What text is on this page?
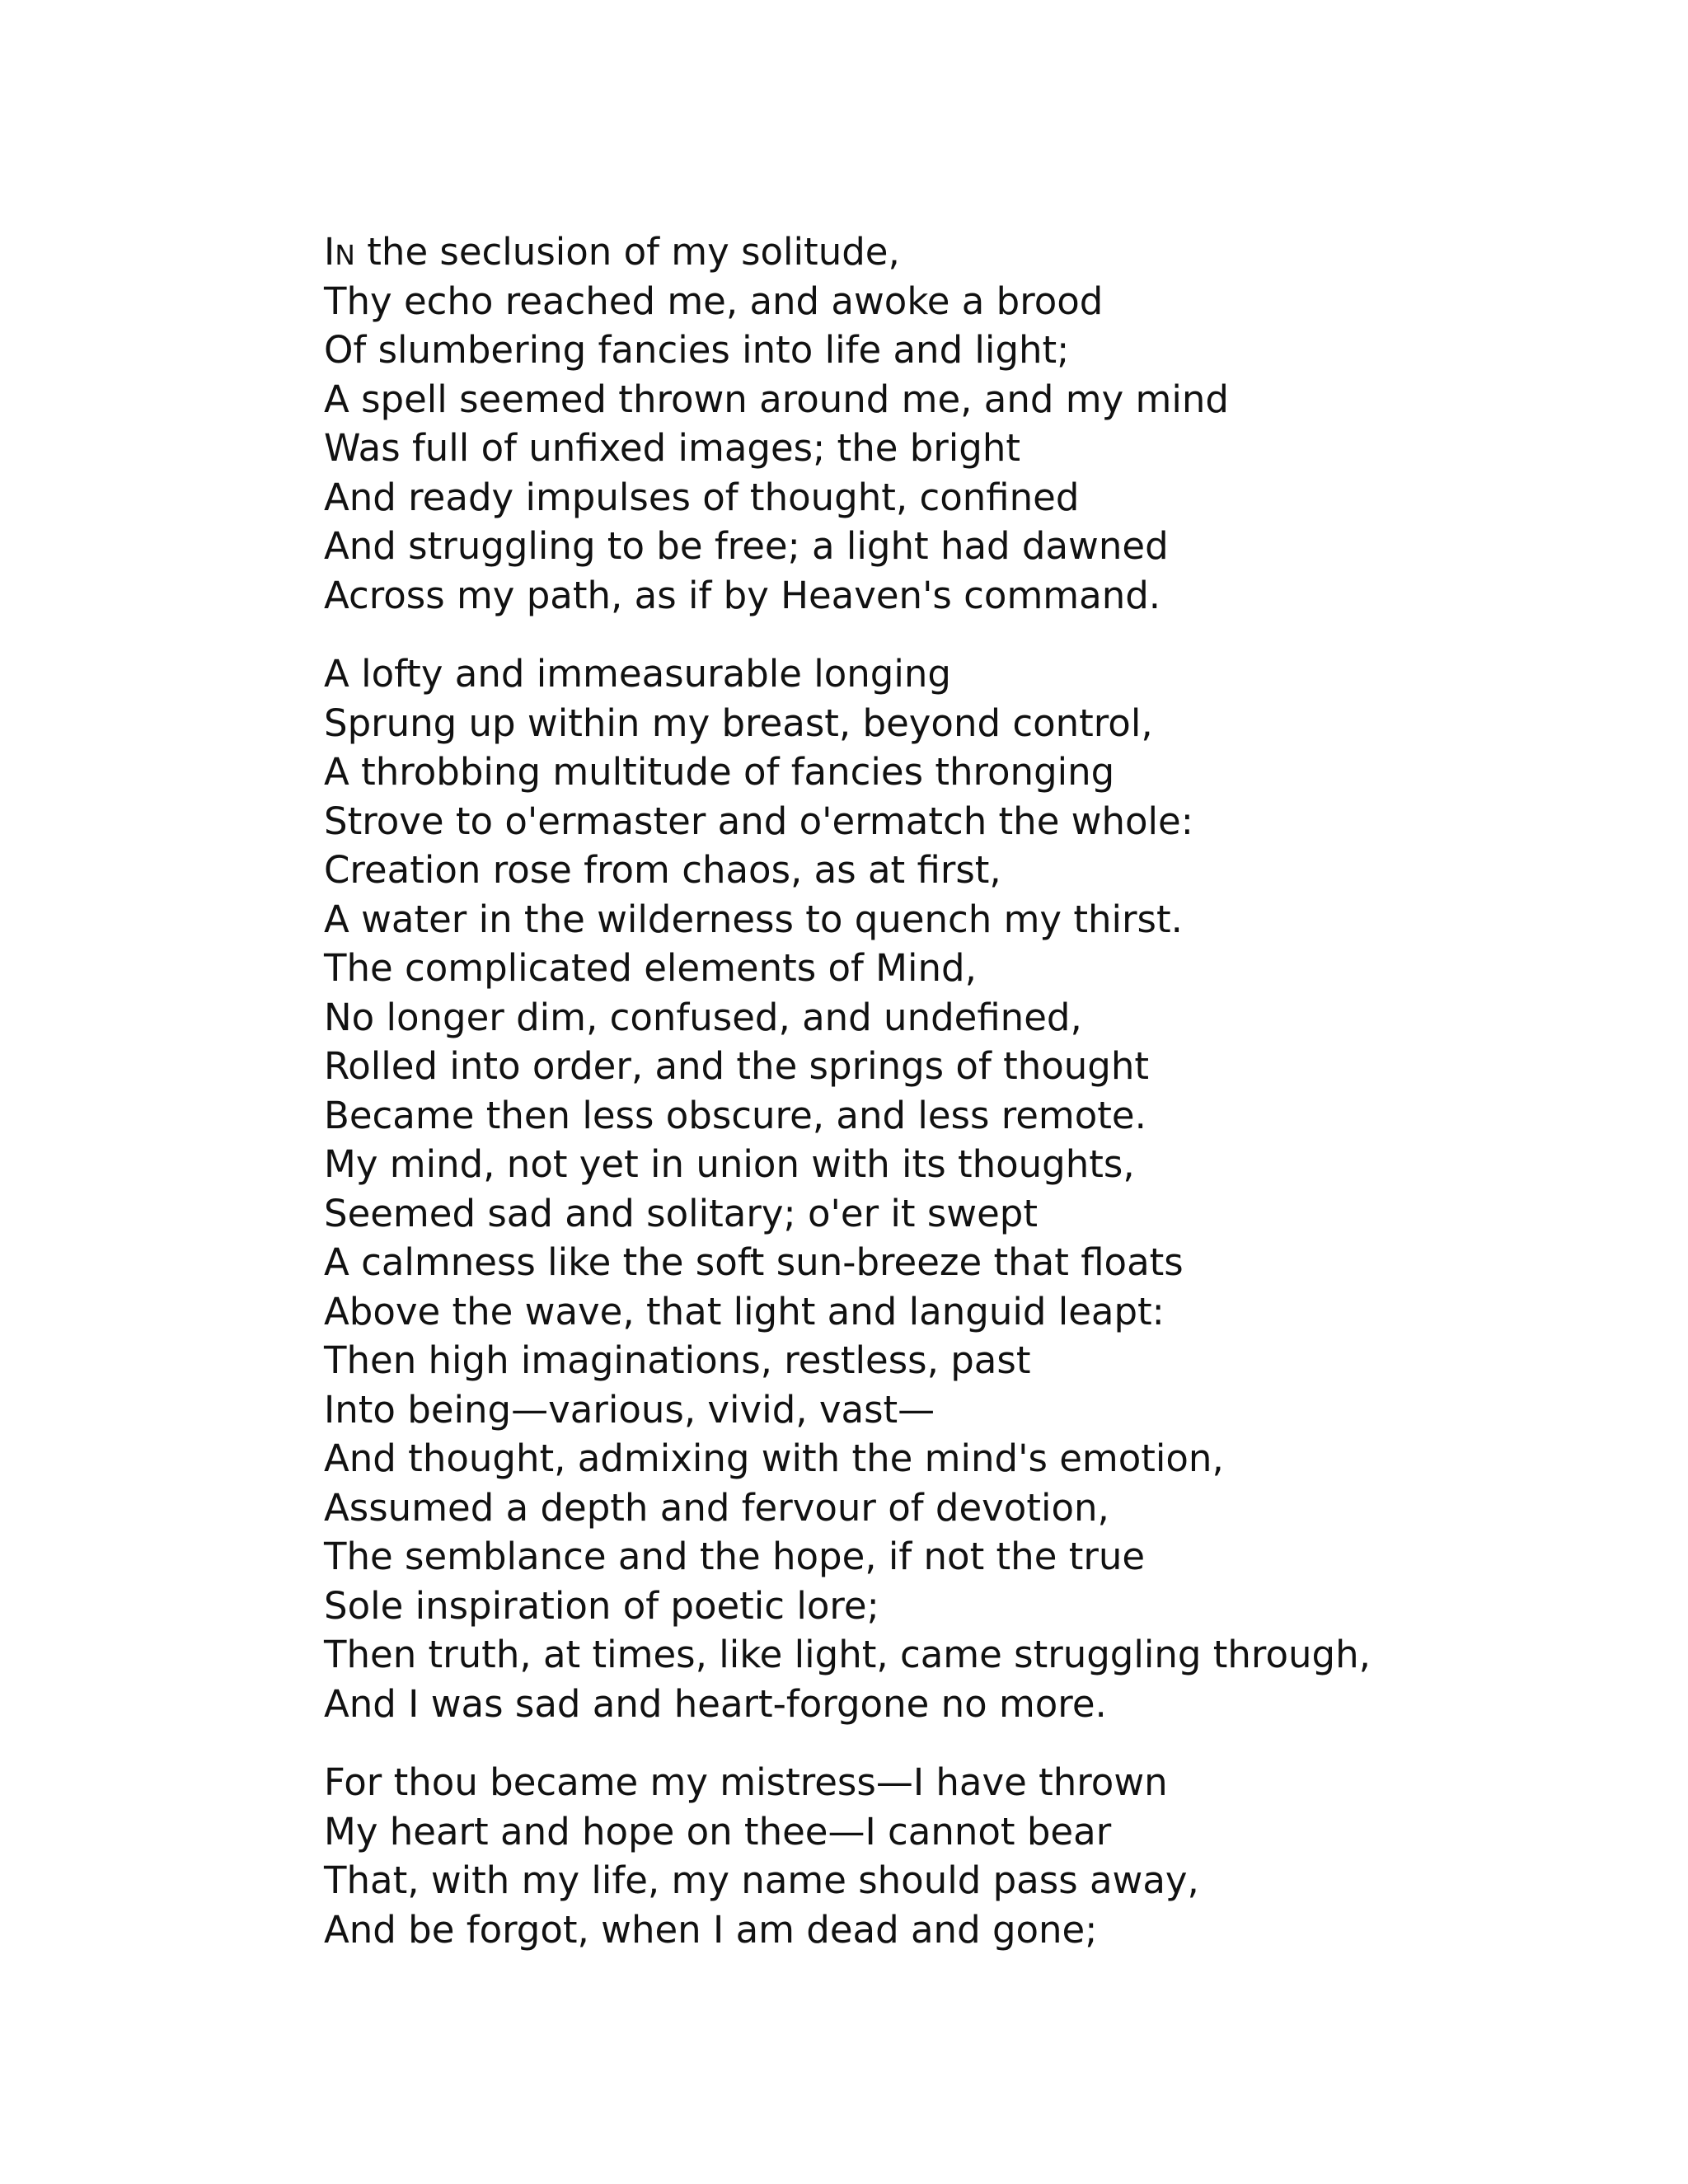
IN the seclusion of my solitude,
Thy echo reached me, and awoke a brood
Of slumbering fancies into life and light;
A spell seemed thrown around me, and my mind
Was full of unfixed images; the bright
And ready impulses of thought, confined
And struggling to be free; a light had dawned
Across my path, as if by Heaven's command.
A lofty and immeasurable longing
Sprung up within my breast, beyond control,
A throbbing multitude of fancies thronging
Strove to o'ermaster and o'ermatch the whole:
Creation rose from chaos, as at first,
A water in the wilderness to quench my thirst.
The complicated elements of Mind,
No longer dim, confused, and undefined,
Rolled into order, and the springs of thought
Became then less obscure, and less remote.
My mind, not yet in union with its thoughts,
Seemed sad and solitary; o'er it swept
A calmness like the soft sun-breeze that floats
Above the wave, that light and languid leapt:
Then high imaginations, restless, past
Into being—various, vivid, vast—
And thought, admixing with the mind's emotion,
Assumed a depth and fervour of devotion,
The semblance and the hope, if not the true
Sole inspiration of poetic lore;
Then truth, at times, like light, came struggling through,
And I was sad and heart-forgone no more.
For thou became my mistress—I have thrown
My heart and hope on thee—I cannot bear
That, with my life, my name should pass away,
And be forgot, when I am dead and gone;
